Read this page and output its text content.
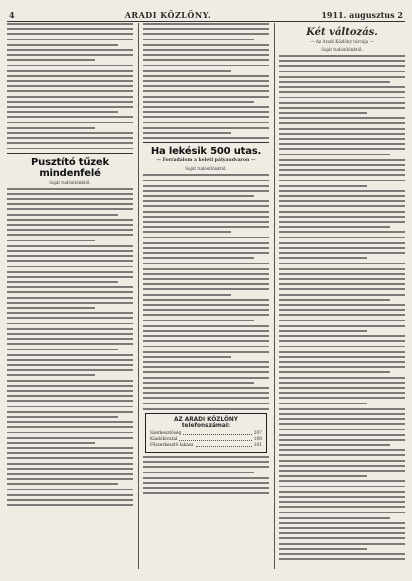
4	ARADI KÖZLÖNY.	1911. augusztus 2
Pusztító tűzek mindenfelé
Saját tudósítónktól.
Ha lekésik 500 utas.
— Forradalom a keleti pályaudvaron —
Saját tudósítónktól.
AZ ARADI KÖZLÖNY telefonszámai:
Szerkesztőség	207
Kiadóhivatal	108
Főszerkesztő lakása	101
Két változás.
— Az Aradi Közlöny tárcája —
Saját tudósítónktól.
